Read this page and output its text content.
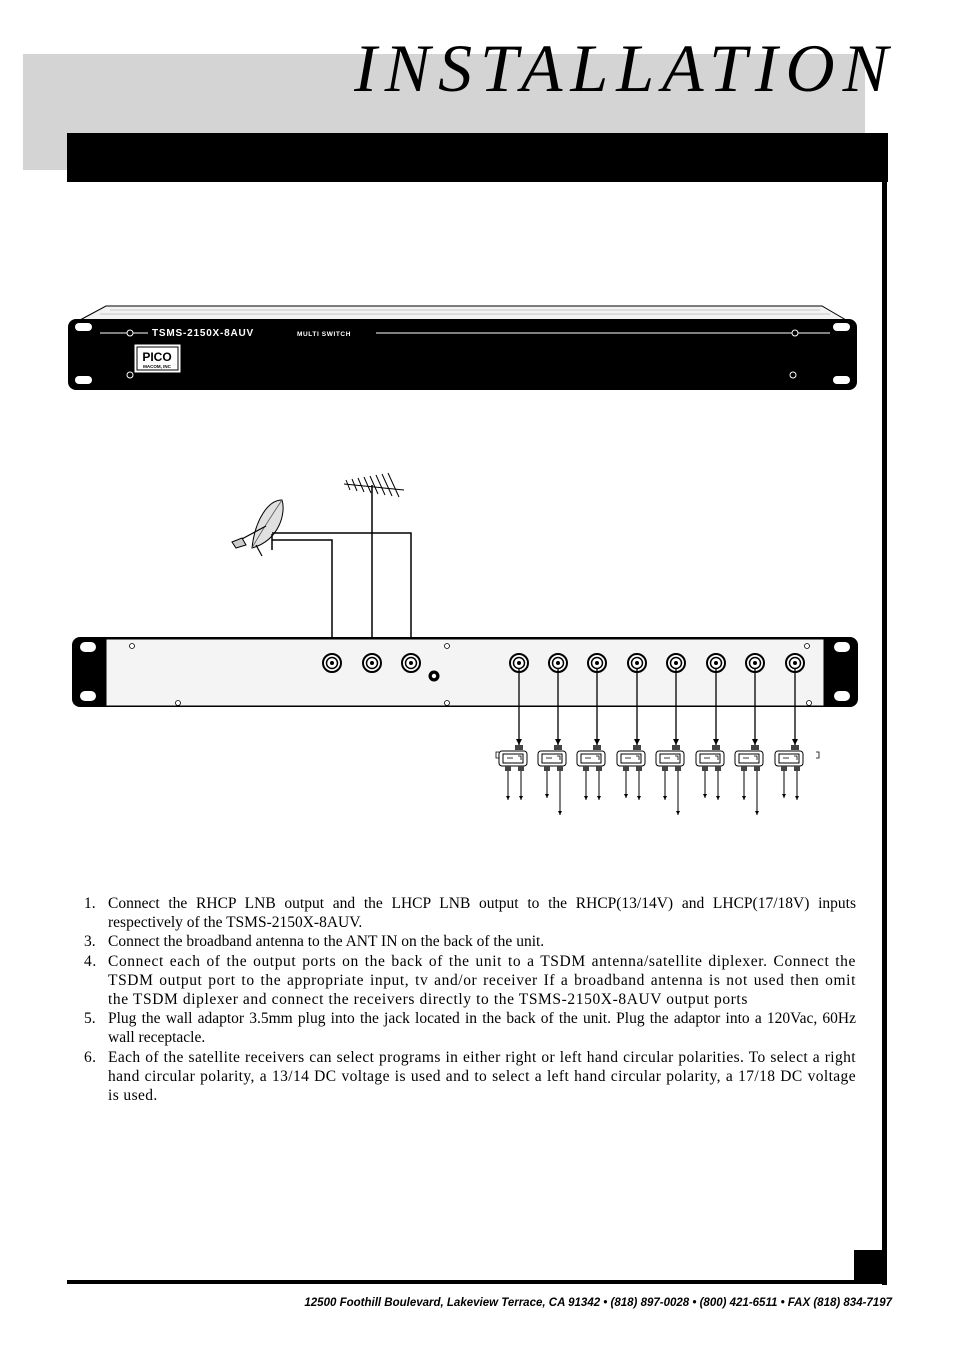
INSTALLATION
TSMS-2150X-8AUV	MULTI SWITCH
PICO
MACOM, INC
1. Connect the RHCP LNB output and the LHCP LNB output to the RHCP(13/14V) and LHCP(17/18V) inputs respectively of the TSMS-2150X-8AUV.
3. Connect the broadband antenna to the ANT IN on the back of the unit.
4. Connect each of the output ports on the back of the unit to a TSDM antenna/satellite diplexer. Connect the TSDM output port to the appropriate input, tv and/or receiver If a broadband antenna is not used then omit the TSDM diplexer and connect the receivers directly to the TSMS-2150X-8AUV output ports
5. Plug the wall adaptor 3.5mm plug into the jack located in the back of the unit. Plug the adaptor into a 120Vac, 60Hz wall receptacle.
6. Each of the satellite receivers can select programs in either right or left hand circular polarities. To select a right hand circular polarity, a 13/14 DC voltage is used and to select a left hand circular polarity, a 17/18 DC voltage is used.
12500 Foothill Boulevard, Lakeview Terrace, CA 91342 • (818) 897-0028 • (800) 421-6511 • FAX (818) 834-7197
